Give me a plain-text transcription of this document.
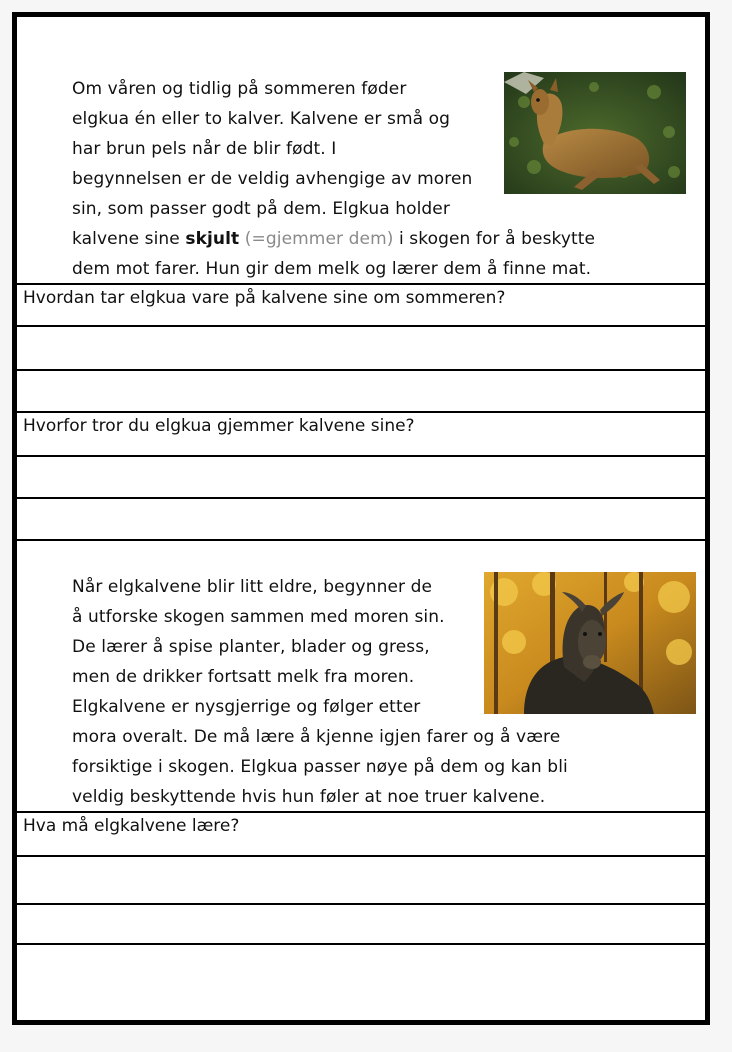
Om våren og tidlig på sommeren føder
elgkua én eller to kalver. Kalvene er små og
har brun pels når de blir født. I
begynnelsen er de veldig avhengige av moren
sin, som passer godt på dem. Elgkua holder
kalvene sine skjult (=gjemmer dem) i skogen for å beskytte
dem mot farer. Hun gir dem melk og lærer dem å finne mat.
Hvordan tar elgkua vare på kalvene sine om sommeren?
Hvorfor tror du elgkua gjemmer kalvene sine?
Når elgkalvene blir litt eldre, begynner de
å utforske skogen sammen med moren sin.
De lærer å spise planter, blader og gress,
men de drikker fortsatt melk fra moren.
Elgkalvene er nysgjerrige og følger etter
mora overalt. De må lære å kjenne igjen farer og å være
forsiktige i skogen. Elgkua passer nøye på dem og kan bli
veldig beskyttende hvis hun føler at noe truer kalvene.
Hva må elgkalvene lære?
